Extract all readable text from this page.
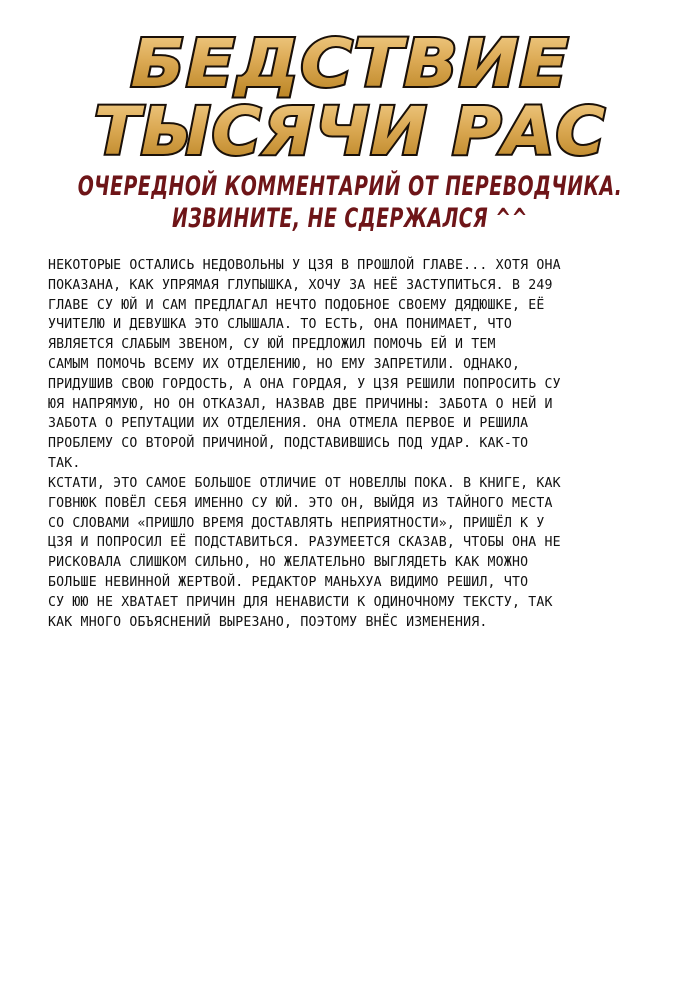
БЕДСТВИЕ
ТЫСЯЧИ РАС
ОЧЕРЕДНОЙ КОММЕНТАРИЙ ОТ ПЕРЕВОДЧИКА.
ИЗВИНИТЕ, НЕ СДЕРЖАЛСЯ ^^
НЕКОТОРЫЕ ОСТАЛИСЬ НЕДОВОЛЬНЫ У ЦЗЯ В ПРОШЛОЙ ГЛАВЕ... ХОТЯ ОНА
ПОКАЗАНА, КАК УПРЯМАЯ ГЛУПЫШКА, ХОЧУ ЗА НЕЁ ЗАСТУПИТЬСЯ. В 249
ГЛАВЕ СУ ЮЙ И САМ ПРЕДЛАГАЛ НЕЧТО ПОДОБНОЕ СВОЕМУ ДЯДЮШКЕ, ЕЁ
УЧИТЕЛЮ И ДЕВУШКА ЭТО СЛЫШАЛА. ТО ЕСТЬ, ОНА ПОНИМАЕТ, ЧТО
ЯВЛЯЕТСЯ СЛАБЫМ ЗВЕНОМ, СУ ЮЙ ПРЕДЛОЖИЛ ПОМОЧЬ ЕЙ И ТЕМ
САМЫМ ПОМОЧЬ ВСЕМУ ИХ ОТДЕЛЕНИЮ, НО ЕМУ ЗАПРЕТИЛИ. ОДНАКО,
ПРИДУШИВ СВОЮ ГОРДОСТЬ, А ОНА ГОРДАЯ, У ЦЗЯ РЕШИЛИ ПОПРОСИТЬ СУ
ЮЯ НАПРЯМУЮ, НО ОН ОТКАЗАЛ, НАЗВАВ ДВЕ ПРИЧИНЫ: ЗАБОТА О НЕЙ И
ЗАБОТА О РЕПУТАЦИИ ИХ ОТДЕЛЕНИЯ. ОНА ОТМЕЛА ПЕРВОЕ И РЕШИЛА
ПРОБЛЕМУ СО ВТОРОЙ ПРИЧИНОЙ, ПОДСТАВИВШИСЬ ПОД УДАР. КАК-ТО
ТАК.
КСТАТИ, ЭТО САМОЕ БОЛЬШОЕ ОТЛИЧИЕ ОТ НОВЕЛЛЫ ПОКА. В КНИГЕ, КАК
ГОВНЮК ПОВЁЛ СЕБЯ ИМЕННО СУ ЮЙ. ЭТО ОН, ВЫЙДЯ ИЗ ТАЙНОГО МЕСТА
СО СЛОВАМИ «ПРИШЛО ВРЕМЯ ДОСТАВЛЯТЬ НЕПРИЯТНОСТИ», ПРИШЁЛ К У
ЦЗЯ И ПОПРОСИЛ ЕЁ ПОДСТАВИТЬСЯ. РАЗУМЕЕТСЯ СКАЗАВ, ЧТОБЫ ОНА НЕ
РИСКОВАЛА СЛИШКОМ СИЛЬНО, НО ЖЕЛАТЕЛЬНО ВЫГЛЯДЕТЬ КАК МОЖНО
БОЛЬШЕ НЕВИННОЙ ЖЕРТВОЙ. РЕДАКТОР МАНЬХУА ВИДИМО РЕШИЛ, ЧТО
СУ ЮЮ НЕ ХВАТАЕТ ПРИЧИН ДЛЯ НЕНАВИСТИ К ОДИНОЧНОМУ ТЕКСТУ, ТАК
КАК МНОГО ОБЪЯСНЕНИЙ ВЫРЕЗАНО, ПОЭТОМУ ВНЁС ИЗМЕНЕНИЯ.
